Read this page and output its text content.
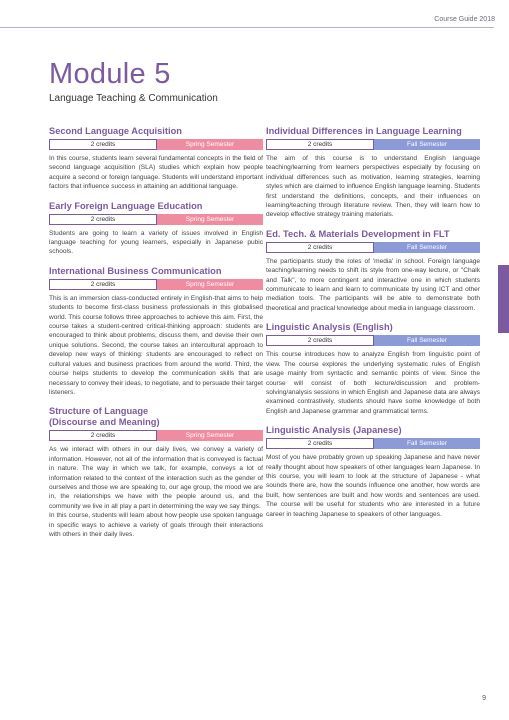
Course Guide 2018
Module 5
Language Teaching & Communication
Second Language Acquisition
2 credits	Spring Semester

In this course, students learn several fundamental concepts in the field of second language acquisition (SLA) studies which explain how people acquire a second or foreign language. Students will understand important factors that influence success in attaining an additional language.

Early Foreign Language Education
2 credits	Spring Semester

Students are going to learn a variety of issues involved in English language teaching for young learners, especially in Japanese pubic schools.

International Business Communication
2 credits	Spring Semester

This is an immersion class-conducted entirely in English-that aims to help students to become first-class business professionals in this globalised world. This course follows three approaches to achieve this aim. First, the course takes a student-centred critical-thinking approach: students are encouraged to think about problems, discuss them, and devise their own unique solutions. Second, the course takes an intercultural approach to develop new ways of thinking: students are encouraged to reflect on cultural values and business practices from around the world. Third, the course helps students to develop the communication skills that are necessary to convey their ideas, to negotiate, and to persuade their target listeners.

Structure of Language
(Discourse and Meaning)
2 credits	Spring Semester

As we interact with others in our daily lives, we convey a variety of information. However, not all of the information that is conveyed is factual in nature. The way in which we talk, for example, conveys a lot of information related to the context of the interaction such as the gender of ourselves and those we are speaking to, our age group, the mood we are in, the relationships we have with the people around us, and the community we live in all play a part in determining the way we say things.

In this course, students will learn about how people use spoken language in specific ways to achieve a variety of goals through their interactions with others in their daily lives.

Individual Differences in Language Learning
2 credits	Fall Semester

The aim of this course is to understand English language teaching/learning from learners perspectives especially by focusing on individual differences such as motivation, learning strategies, learning styles which are claimed to influence English language learning. Students first understand the definitions, concepts, and their influences on learning/teaching through literature review. Then, they will learn how to develop effective strategy training materials.

Ed. Tech. & Materials Development in FLT
2 credits	Fall Semester

The participants study the roles of 'media' in school. Foreign language teaching/learning needs to shift its style from one-way lecture, or "Chalk and Talk", to more contingent and interactive one in which students communicate to learn and learn to communicate by using ICT and other mediation tools. The participants will be able to demonstrate both theoretical and practical knowledge about media in language classroom.

Linguistic Analysis (English)
2 credits	Fall Semester

This course introduces how to analyze English from linguistic point of view. The course explores the underlying systematic rules of English usage mainly from syntactic and semantic points of view. Since the course will consist of both lecture/discussion and problem-solving/analysis sessions in which English and Japanese data are always examined contrastively, students should have some knowledge of both English and Japanese grammar and grammatical terms.

Linguistic Analysis (Japanese)
2 credits	Fall Semester

Most of you have probably grown up speaking Japanese and have never really thought about how speakers of other languages learn Japanese. In this course, you will learn to look at the structure of Japanese - what sounds there are, how the sounds influence one another, how words are built, how sentences are built and how words and sentences are used. The course will be useful for students who are interested in a future career in teaching Japanese to speakers of other languages.

9
